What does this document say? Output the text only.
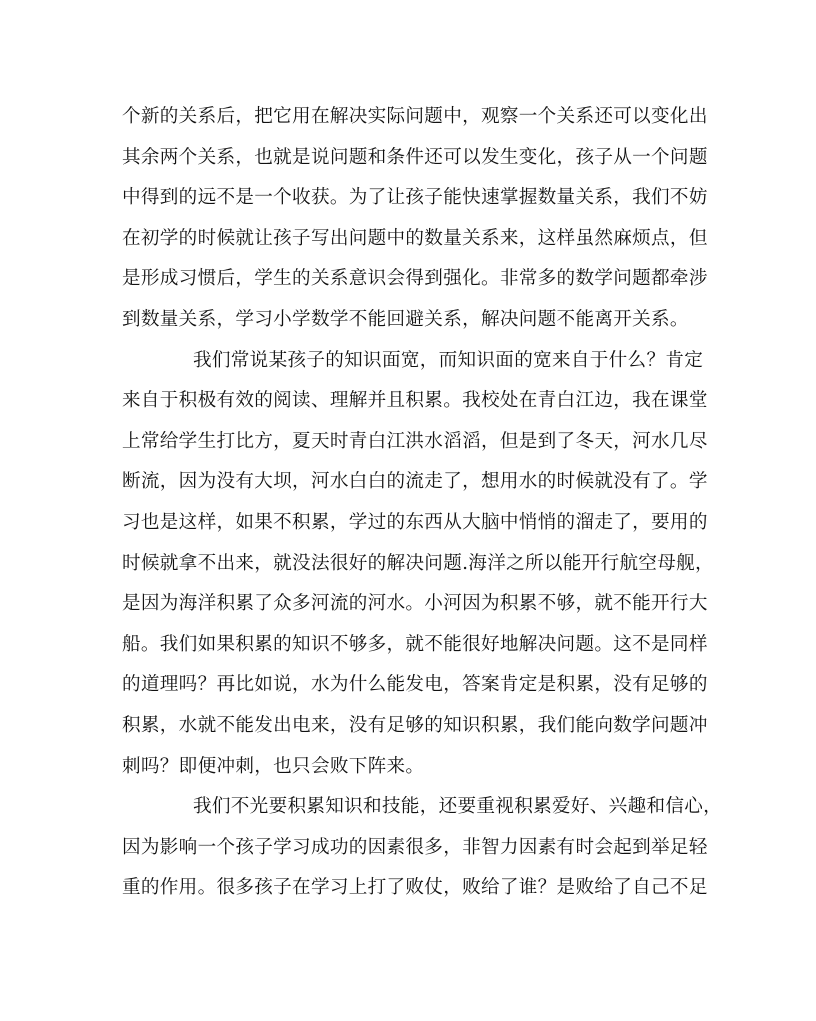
个新的关系后，把它用在解决实际问题中，观察一个关系还可以变化出
其余两个关系，也就是说问题和条件还可以发生变化，孩子从一个问题
中得到的远不是一个收获。为了让孩子能快速掌握数量关系，我们不妨
在初学的时候就让孩子写出问题中的数量关系来，这样虽然麻烦点，但
是形成习惯后，学生的关系意识会得到强化。非常多的数学问题都牵涉
到数量关系，学习小学数学不能回避关系，解决问题不能离开关系。
我们常说某孩子的知识面宽，而知识面的宽来自于什么？肯定
来自于积极有效的阅读、理解并且积累。我校处在青白江边，我在课堂
上常给学生打比方，夏天时青白江洪水滔滔，但是到了冬天，河水几尽
断流，因为没有大坝，河水白白的流走了，想用水的时候就没有了。学
习也是这样，如果不积累，学过的东西从大脑中悄悄的溜走了，要用的
时候就拿不出来，就没法很好的解决问题.海洋之所以能开行航空母舰，
是因为海洋积累了众多河流的河水。小河因为积累不够，就不能开行大
船。我们如果积累的知识不够多，就不能很好地解决问题。这不是同样
的道理吗？再比如说，水为什么能发电，答案肯定是积累，没有足够的
积累，水就不能发出电来，没有足够的知识积累，我们能向数学问题冲
刺吗？即便冲刺，也只会败下阵来。
我们不光要积累知识和技能，还要重视积累爱好、兴趣和信心，
因为影响一个孩子学习成功的因素很多，非智力因素有时会起到举足轻
重的作用。很多孩子在学习上打了败仗，败给了谁？是败给了自己不足
